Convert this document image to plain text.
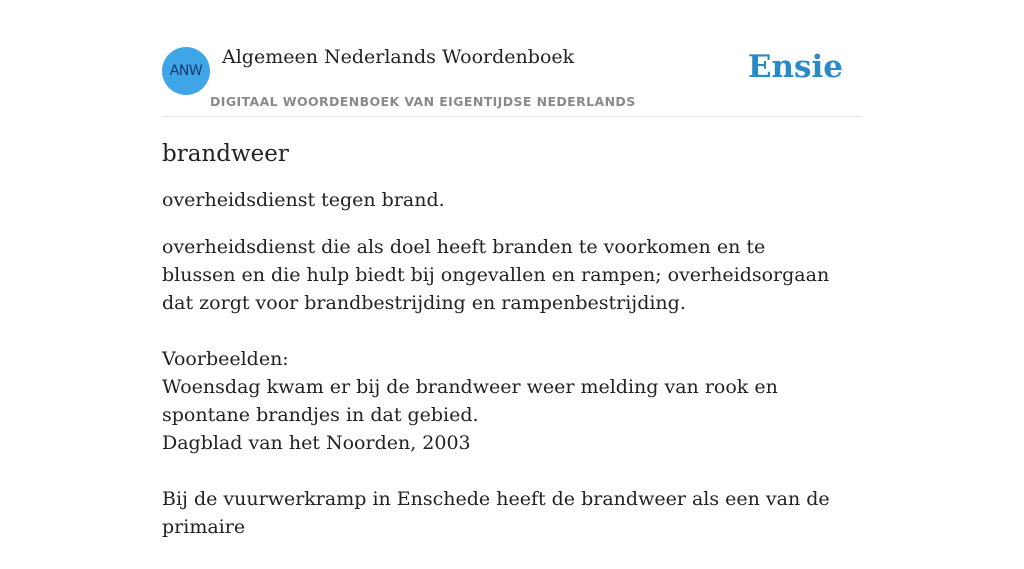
ANW
Algemeen Nederlands Woordenboek
DIGITAAL WOORDENBOEK VAN EIGENTIJDSE NEDERLANDS
Ensie
brandweer

overheidsdienst tegen brand.

overheidsdienst die als doel heeft branden te voorkomen en te blussen en die hulp biedt bij ongevallen en rampen; overheidsorgaan dat zorgt voor brandbestrijding en rampenbestrijding.

Voorbeelden:

Woensdag kwam er bij de brandweer weer melding van rook en spontane brandjes in dat gebied.
Dagblad van het Noorden, 2003
Bij de vuurwerkramp in Enschede heeft de brandweer als een van de primaire
